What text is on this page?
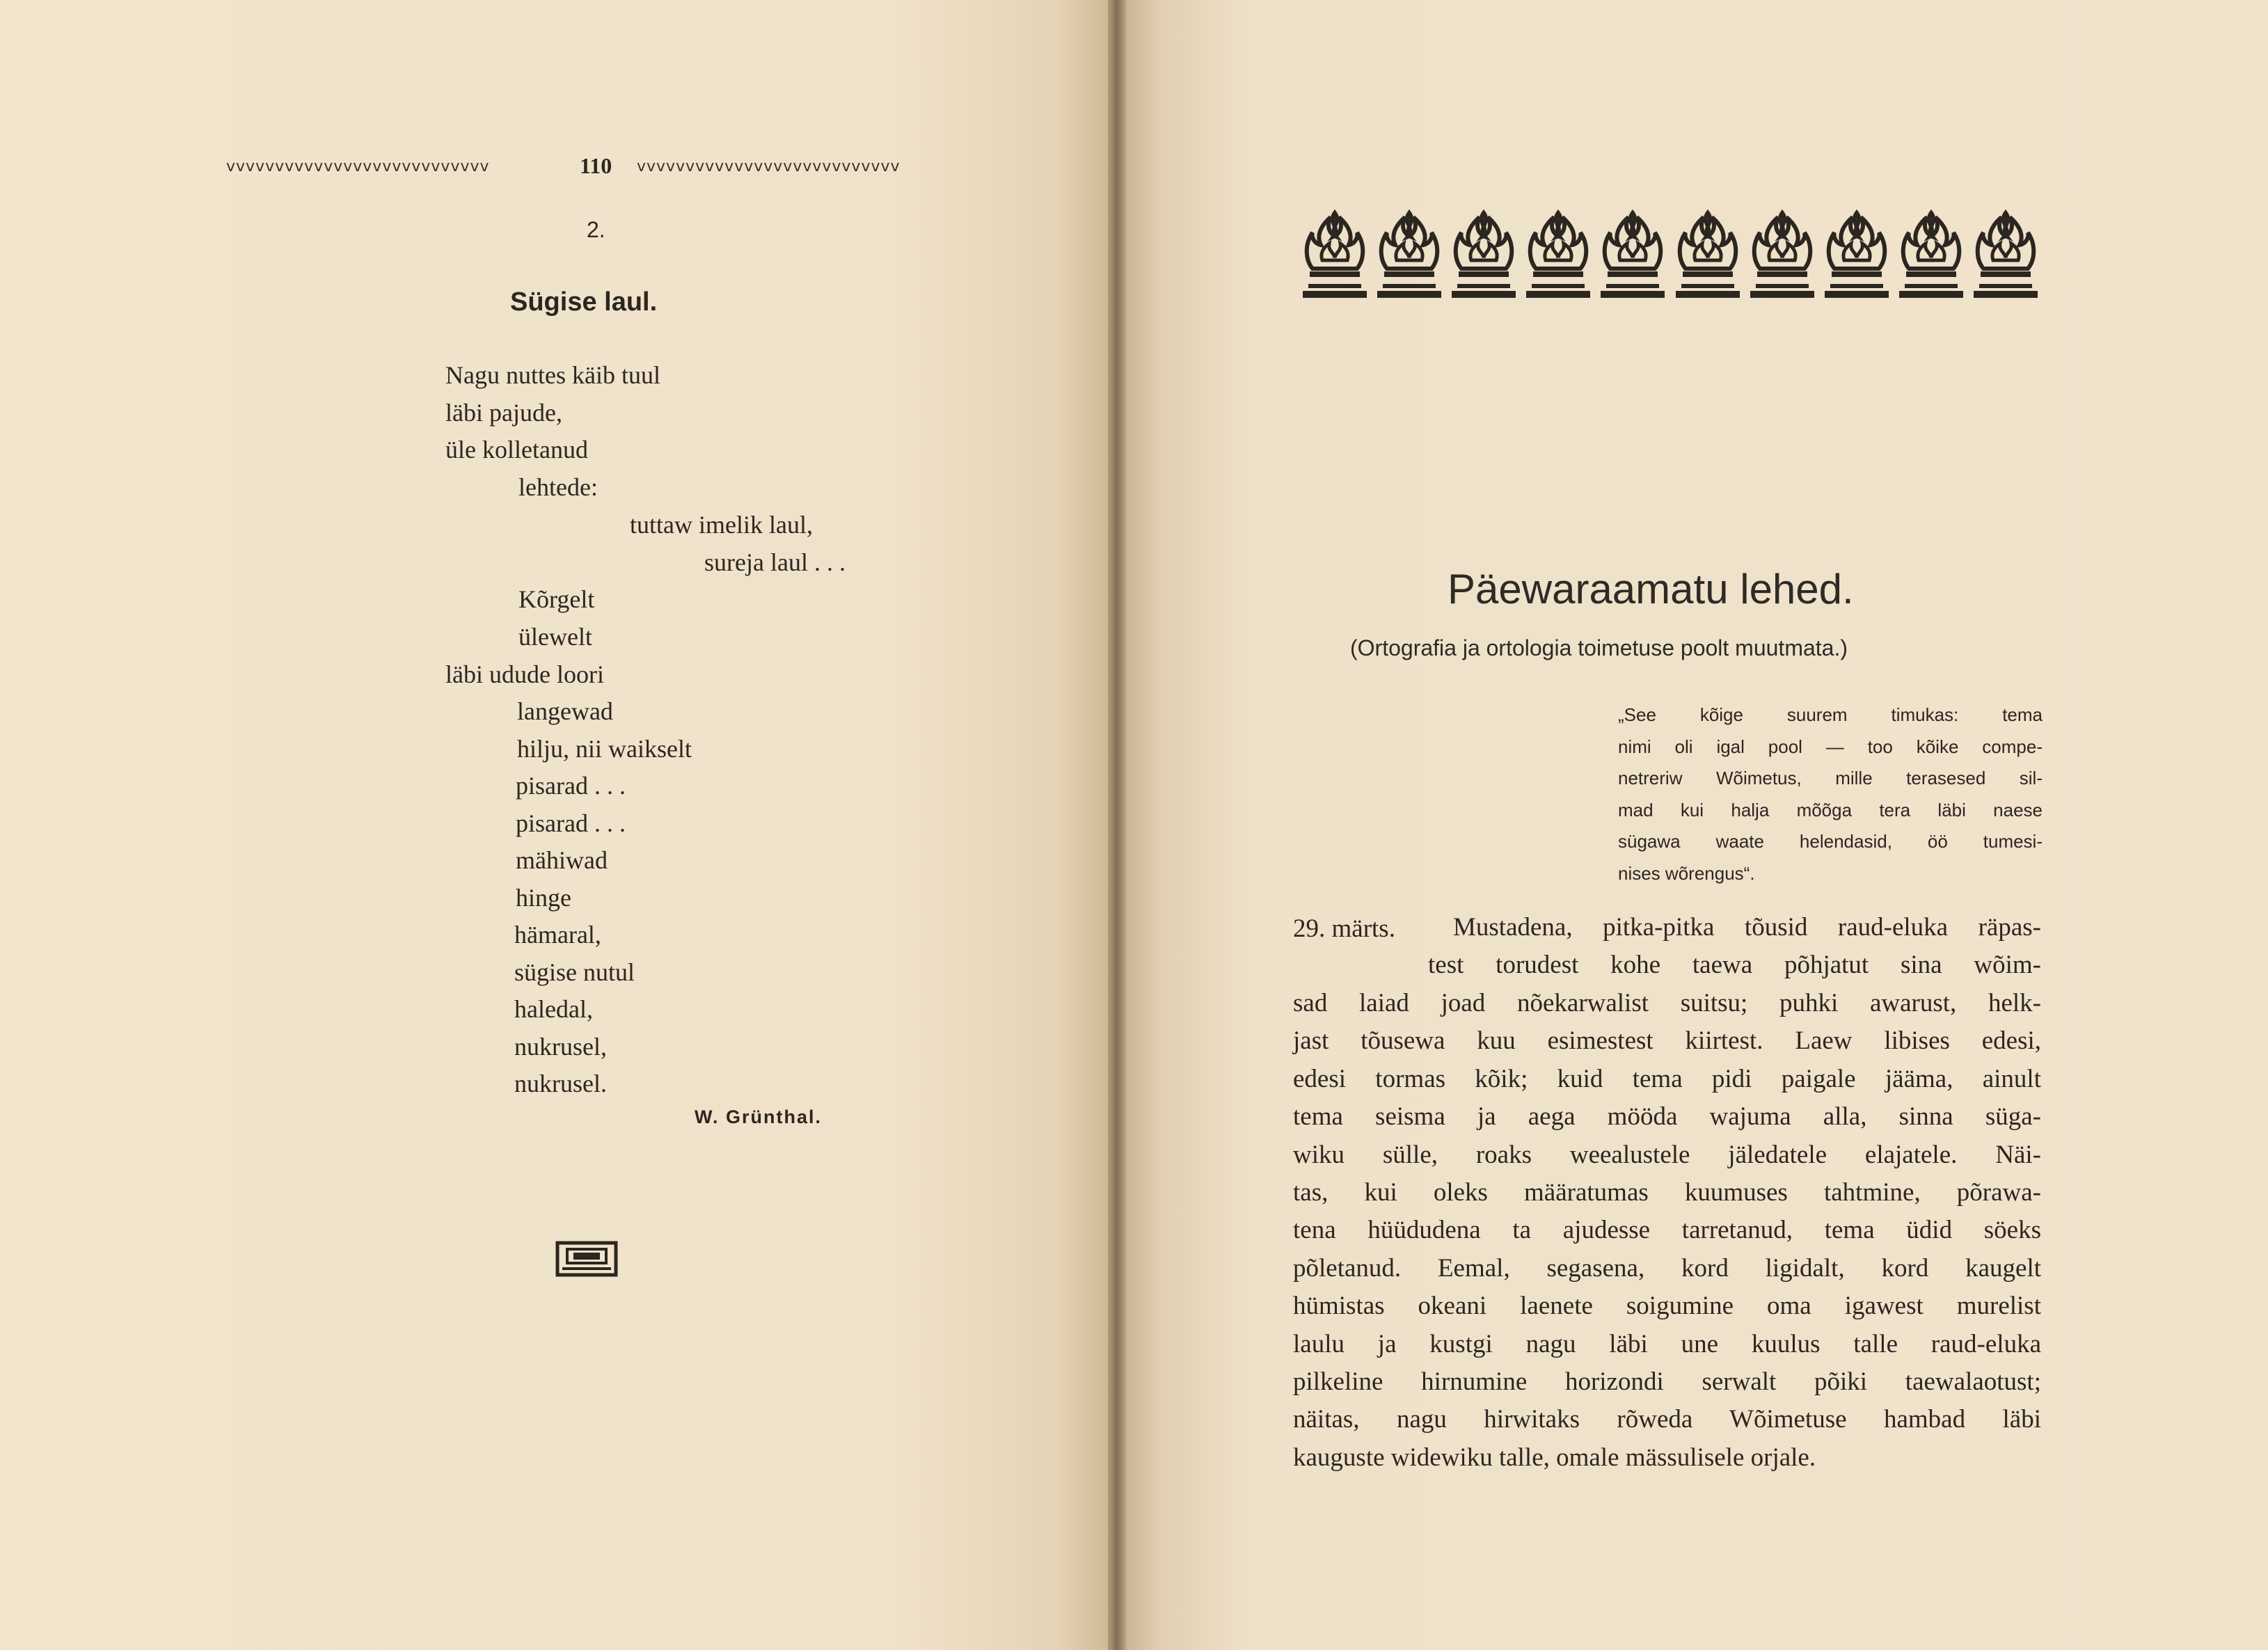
vvvvvvvvvvvvvvvvvvvvvvvvvvv	110 vvvvvvvvvvvvvvvvvvvvvvvvvvv
2.
Sügise laul.
Nagu nuttes käib tuul
läbi pajude,
üle kolletanud
lehtede:
tuttaw imelik laul,
sureja laul . . .
Kõrgelt
ülewelt
läbi udude loori
langewad
hilju, nii waikselt
pisarad . . .
pisarad . . .
mähiwad
hinge
hämaral,
sügise nutul
haledal,
nukrusel,
nukrusel.
W. Grünthal.
Päewaraamatu lehed.
(Ortografia ja ortologia toimetuse poolt muutmata.)
„See kõige suurem timukas: tema
nimi oli igal pool — too kõike compe-
netreriw Wõimetus, mille terasesed sil-
mad kui halja mõõga tera läbi naese
sügawa waate helendasid, öö tumesi-
nises wõrengus“.
29. märts. Mustadena, pitka-pitka tõusid raud-eluka räpas-
test torudest kohe taewa põhjatut sina wõim-
sad laiad joad nõekarwalist suitsu; puhki awarust, helk-
jast tõusewa kuu esimestest kiirtest. Laew libises edesi,
edesi tormas kõik; kuid tema pidi paigale jääma, ainult
tema seisma ja aega mööda wajuma alla, sinna süga-
wiku sülle, roaks weealustele jäledatele elajatele. Näi-
tas, kui oleks määratumas kuumuses tahtmine, põrawa-
tena hüüdudena ta ajudesse tarretanud, tema üdid söeks
põletanud. Eemal, segasena, kord ligidalt, kord kaugelt
hümistas okeani laenete soigumine oma igawest murelist
laulu ja kustgi nagu läbi une kuulus talle raud-eluka
pilkeline hirnumine horizondi serwalt põiki taewalaotust;
näitas, nagu hirwitaks rõweda Wõimetuse hambad läbi
kauguste widewiku talle, omale mässulisele orjale.
